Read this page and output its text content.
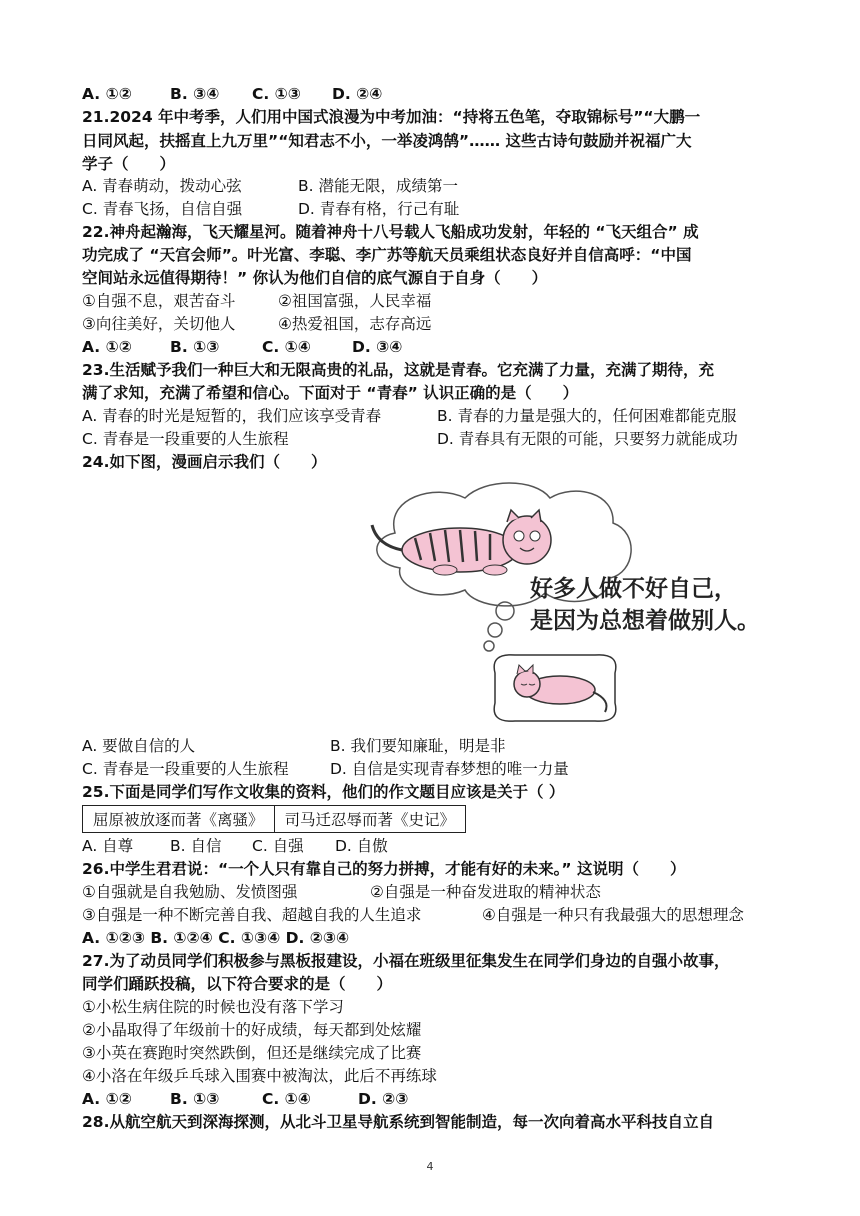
A. ①② B. ③④ C. ①③ D. ②④
21.2024 年中考季，人们用中国式浪漫为中考加油：“持将五色笔，夺取锦标号”“大鹏一
日同风起，扶摇直上九万里”“知君志不小，一举凌鸿鹄”…… 这些古诗句鼓励并祝福广大
学子（　　）
A. 青春萌动，拨动心弦	B. 潜能无限，成绩第一
C. 青春飞扬，自信自强	D. 青春有格，行己有耻
22.神舟起瀚海，飞天耀星河。随着神舟十八号载人飞船成功发射，年轻的 “飞天组合” 成
功完成了 “天宫会师”。叶光富、李聪、李广苏等航天员乘组状态良好并自信高呼：“中国
空间站永远值得期待！” 你认为他们自信的底气源自于自身（　　）
①自强不息，艰苦奋斗	②祖国富强，人民幸福
③向往美好，关切他人	④热爱祖国，志存高远
A. ①② B. ①③	C. ①④	D. ③④
23.生活赋予我们一种巨大和无限高贵的礼品，这就是青春。它充满了力量，充满了期待，充
满了求知，充满了希望和信心。下面对于 “青春” 认识正确的是（　　）
A. 青春的时光是短暂的，我们应该享受青春	B. 青春的力量是强大的，任何困难都能克服
C. 青春是一段重要的人生旅程	D. 青春具有无限的可能，只要努力就能成功
24.如下图，漫画启示我们（　　）
好多人做不好自己，
是因为总想着做别人。
A. 要做自信的人	B. 我们要知廉耻，明是非
C. 青春是一段重要的人生旅程	D. 自信是实现青春梦想的唯一力量
25.下面是同学们写作文收集的资料，他们的作文题目应该是关于（ ）
屈原被放逐而著《离骚》	司马迁忍辱而著《史记》
A. 自尊 B. 自信 C. 自强 D. 自傲
26.中学生君君说：“一个人只有靠自己的努力拼搏，才能有好的未来。” 这说明（　　）
①自强就是自我勉励、发愤图强	②自强是一种奋发进取的精神状态
③自强是一种不断完善自我、超越自我的人生追求	④自强是一种只有我最强大的思想理念
A. ①②③ B. ①②④ C. ①③④ D. ②③④
27.为了动员同学们积极参与黑板报建设，小福在班级里征集发生在同学们身边的自强小故事，
同学们踊跃投稿，以下符合要求的是（　　）
①小松生病住院的时候也没有落下学习
②小晶取得了年级前十的好成绩，每天都到处炫耀
③小英在赛跑时突然跌倒，但还是继续完成了比赛
④小洛在年级乒乓球入围赛中被淘汰，此后不再练球
A. ①② B. ①③	C. ①④	D. ②③
28.从航空航天到深海探测，从北斗卫星导航系统到智能制造，每一次向着高水平科技自立自
4
